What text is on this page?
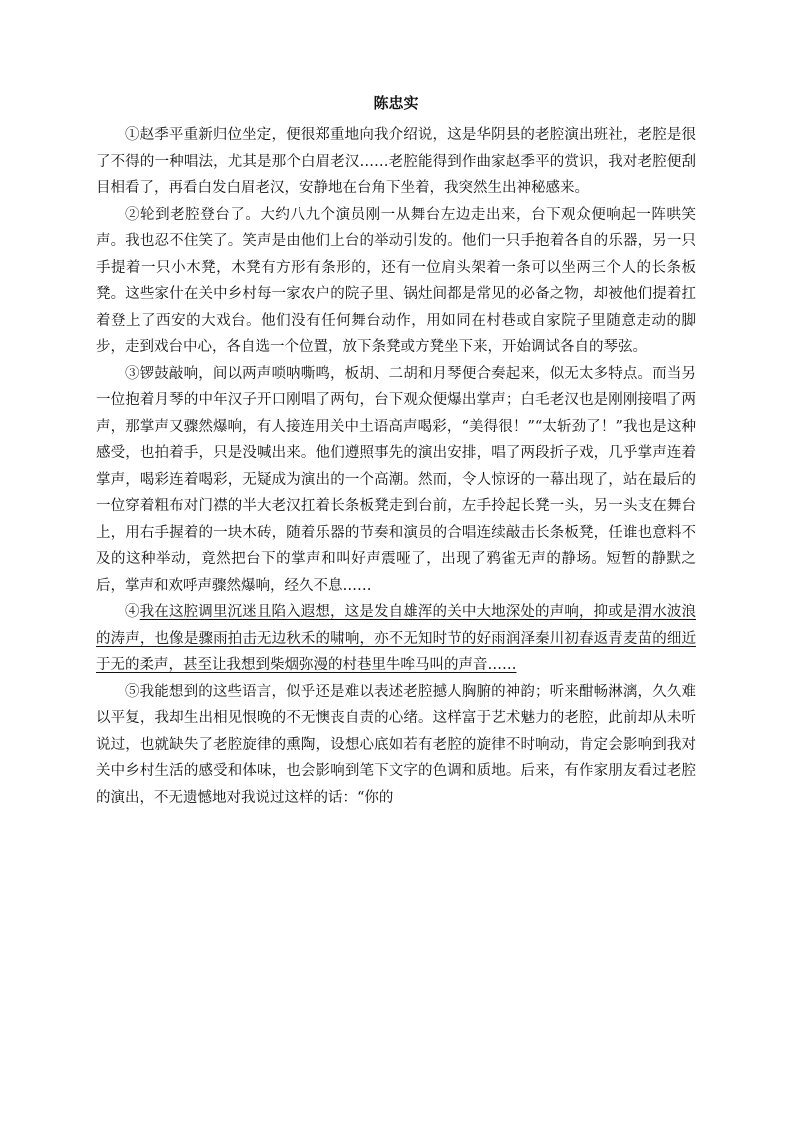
陈忠实

①赵季平重新归位坐定，便很郑重地向我介绍说，这是华阴县的老腔演出班社，老腔是很了不得的一种唱法，尤其是那个白眉老汉……老腔能得到作曲家赵季平的赏识，我对老腔便刮目相看了，再看白发白眉老汉，安静地在台角下坐着，我突然生出神秘感来。

②轮到老腔登台了。大约八九个演员刚一从舞台左边走出来，台下观众便响起一阵哄笑声。我也忍不住笑了。笑声是由他们上台的举动引发的。他们一只手抱着各自的乐器，另一只手提着一只小木凳，木凳有方形有条形的，还有一位肩头架着一条可以坐两三个人的长条板凳。这些家什在关中乡村每一家农户的院子里、锅灶间都是常见的必备之物，却被他们提着扛着登上了西安的大戏台。他们没有任何舞台动作，用如同在村巷或自家院子里随意走动的脚步，走到戏台中心，各自选一个位置，放下条凳或方凳坐下来，开始调试各自的琴弦。

③锣鼓敲响，间以两声唢呐嘶鸣，板胡、二胡和月琴便合奏起来，似无太多特点。而当另一位抱着月琴的中年汉子开口刚唱了两句，台下观众便爆出掌声；白毛老汉也是刚刚接唱了两声，那掌声又骤然爆响，有人接连用关中土语高声喝彩，“美得很！”“太斩劲了！”我也是这种感受，也拍着手，只是没喊出来。他们遵照事先的演出安排，唱了两段折子戏，几乎掌声连着掌声，喝彩连着喝彩，无疑成为演出的一个高潮。然而，令人惊讶的一幕出现了，站在最后的一位穿着粗布对门襟的半大老汉扛着长条板凳走到台前，左手拎起长凳一头，另一头支在舞台上，用右手握着的一块木砖，随着乐器的节奏和演员的合唱连续敲击长条板凳，任谁也意料不及的这种举动，竟然把台下的掌声和叫好声震哑了，出现了鸦雀无声的静场。短暂的静默之后，掌声和欢呼声骤然爆响，经久不息……

④我在这腔调里沉迷且陷入遐想，这是发自雄浑的关中大地深处的声响，抑或是渭水波浪的涛声，也像是骤雨拍击无边秋禾的啸响，亦不无知时节的好雨润泽秦川初春返青麦苗的细近于无的柔声，甚至让我想到柴烟弥漫的村巷里牛哞马叫的声音……

⑤我能想到的这些语言，似乎还是难以表述老腔撼人胸腑的神韵；听来酣畅淋漓，久久难以平复，我却生出相见恨晚的不无懊丧自责的心绪。这样富于艺术魅力的老腔，此前却从未听说过，也就缺失了老腔旋律的熏陶，设想心底如若有老腔的旋律不时响动，肯定会影响到我对关中乡村生活的感受和体味，也会影响到笔下文字的色调和质地。后来，有作家朋友看过老腔的演出，不无遗憾地对我说过这样的话：“你的
